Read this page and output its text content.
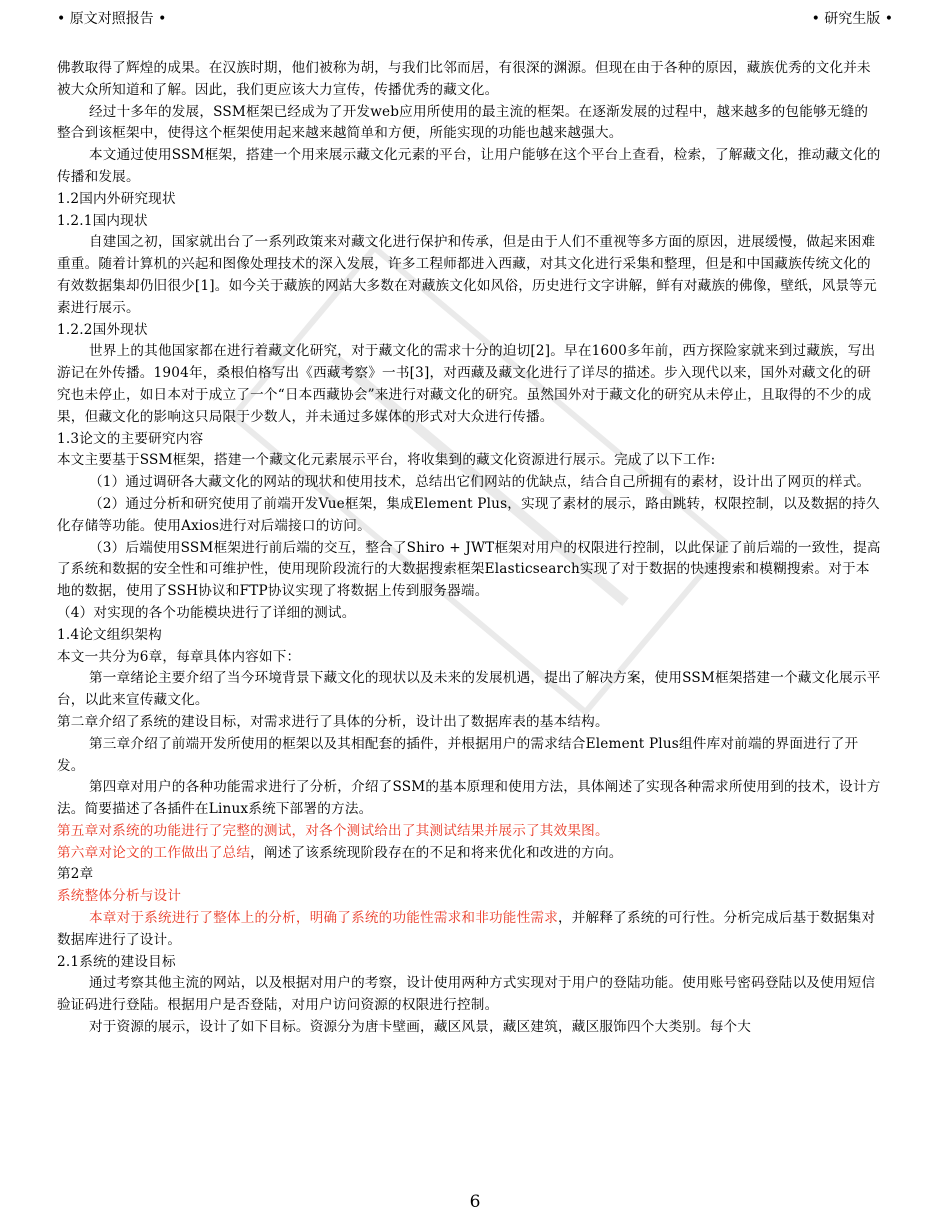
• 原文对照报告 •	• 研究生版 •

佛教取得了辉煌的成果。在汉族时期，他们被称为胡，与我们比邻而居，有很深的渊源。但现在由于各种的原因，藏族优秀的文化并未被大众所知道和了解。因此，我们更应该大力宣传，传播优秀的藏文化。

经过十多年的发展，SSM框架已经成为了开发web应用所使用的最主流的框架。在逐渐发展的过程中，越来越多的包能够无缝的整合到该框架中，使得这个框架使用起来越来越简单和方便，所能实现的功能也越来越强大。

本文通过使用SSM框架，搭建一个用来展示藏文化元素的平台，让用户能够在这个平台上查看，检索，了解藏文化，推动藏文化的传播和发展。

1.2国内外研究现状

1.2.1国内现状

自建国之初，国家就出台了一系列政策来对藏文化进行保护和传承，但是由于人们不重视等多方面的原因，进展缓慢，做起来困难重重。随着计算机的兴起和图像处理技术的深入发展，许多工程师都进入西藏，对其文化进行采集和整理，但是和中国藏族传统文化的有效数据集却仍旧很少[1]。如今关于藏族的网站大多数在对藏族文化如风俗，历史进行文字讲解，鲜有对藏族的佛像，壁纸，风景等元素进行展示。

1.2.2国外现状

世界上的其他国家都在进行着藏文化研究，对于藏文化的需求十分的迫切[2]。早在1600多年前，西方探险家就来到过藏族，写出游记在外传播。1904年，桑根伯格写出《西藏考察》一书[3]，对西藏及藏文化进行了详尽的描述。步入现代以来，国外对藏文化的研究也未停止，如日本对于成立了一个“日本西藏协会”来进行对藏文化的研究。虽然国外对于藏文化的研究从未停止，且取得的不少的成果，但藏文化的影响这只局限于少数人，并未通过多媒体的形式对大众进行传播。

1.3论文的主要研究内容

本文主要基于SSM框架，搭建一个藏文化元素展示平台，将收集到的藏文化资源进行展示。完成了以下工作:

（1）通过调研各大藏文化的网站的现状和使用技术，总结出它们网站的优缺点，结合自己所拥有的素材，设计出了网页的样式。

（2）通过分析和研究使用了前端开发Vue框架，集成Element Plus，实现了素材的展示，路由跳转，权限控制，以及数据的持久化存储等功能。使用Axios进行对后端接口的访问。

（3）后端使用SSM框架进行前后端的交互，整合了Shiro + JWT框架对用户的权限进行控制，以此保证了前后端的一致性，提高了系统和数据的安全性和可维护性，使用现阶段流行的大数据搜索框架Elasticsearch实现了对于数据的快速搜索和模糊搜索。对于本地的数据，使用了SSH协议和FTP协议实现了将数据上传到服务器端。

（4）对实现的各个功能模块进行了详细的测试。

1.4论文组织架构

本文一共分为6章，每章具体内容如下：

第一章绪论主要介绍了当今环境背景下藏文化的现状以及未来的发展机遇，提出了解决方案，使用SSM框架搭建一个藏文化展示平台，以此来宣传藏文化。

第二章介绍了系统的建设目标，对需求进行了具体的分析，设计出了数据库表的基本结构。

第三章介绍了前端开发所使用的框架以及其相配套的插件，并根据用户的需求结合Element Plus组件库对前端的界面进行了开发。

第四章对用户的各种功能需求进行了分析，介绍了SSM的基本原理和使用方法，具体阐述了实现各种需求所使用到的技术，设计方法。简要描述了各插件在Linux系统下部署的方法。

第五章对系统的功能进行了完整的测试，对各个测试给出了其测试结果并展示了其效果图。

第六章对论文的工作做出了总结，阐述了该系统现阶段存在的不足和将来优化和改进的方向。

第2章

系统整体分析与设计

本章对于系统进行了整体上的分析，明确了系统的功能性需求和非功能性需求，并解释了系统的可行性。分析完成后基于数据集对数据库进行了设计。

2.1系统的建设目标

通过考察其他主流的网站，以及根据对用户的考察，设计使用两种方式实现对于用户的登陆功能。使用账号密码登陆以及使用短信验证码进行登陆。根据用户是否登陆，对用户访问资源的权限进行控制。

对于资源的展示，设计了如下目标。资源分为唐卡壁画，藏区风景，藏区建筑，藏区服饰四个大类别。每个大

6
